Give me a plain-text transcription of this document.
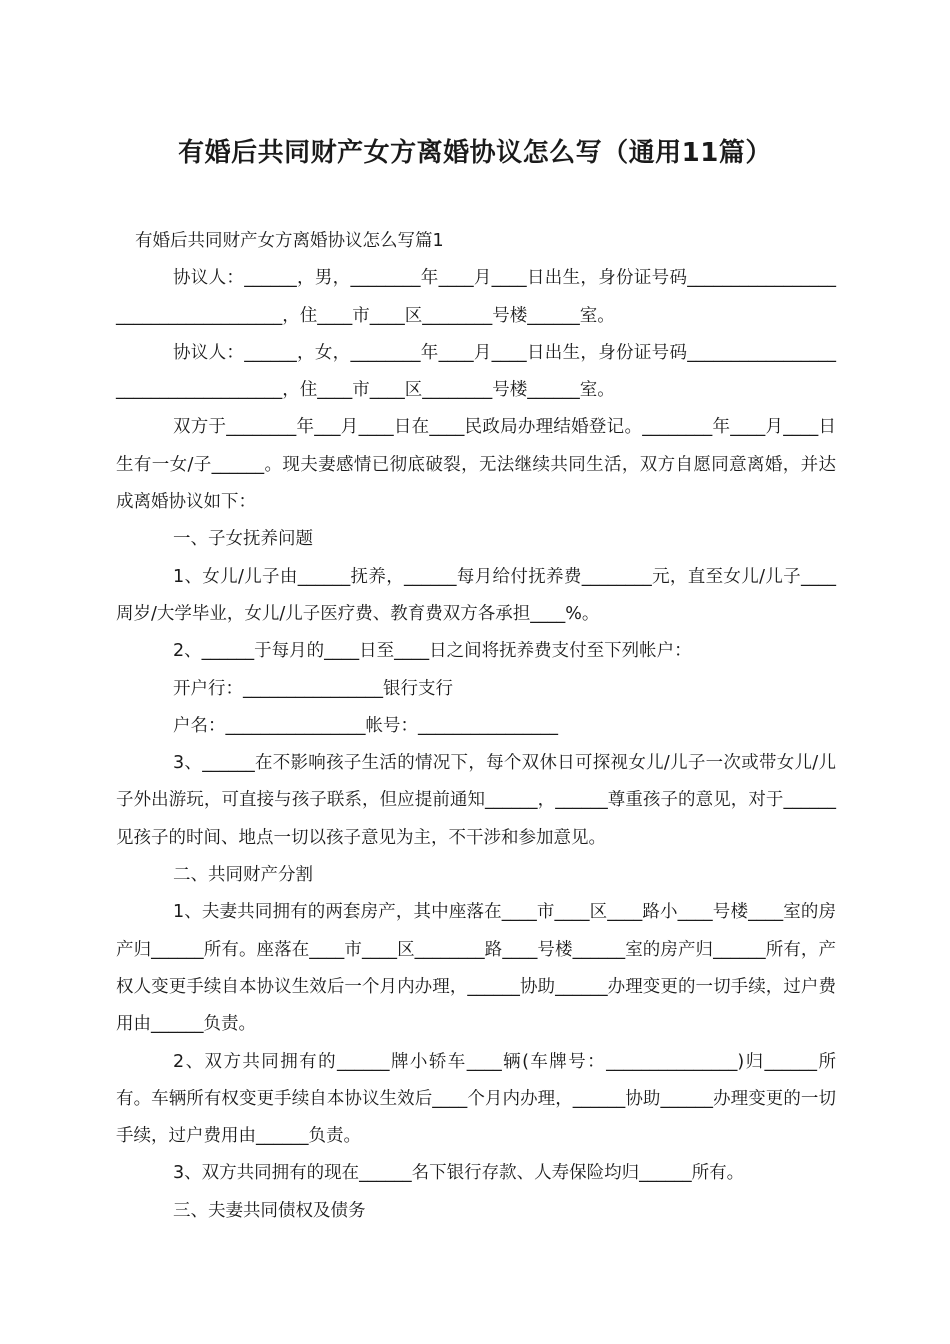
有婚后共同财产女方离婚协议怎么写（通用11篇）

有婚后共同财产女方离婚协议怎么写篇1

协议人：______，男，________年____月____日出生，身份证号码____________________________________，住____市____区________号楼______室。

协议人：______，女，________年____月____日出生，身份证号码____________________________________，住____市____区________号楼______室。

双方于________年___月____日在____民政局办理结婚登记。________年____月____日生有一女/子______。现夫妻感情已彻底破裂，无法继续共同生活，双方自愿同意离婚，并达成离婚协议如下：

一、子女抚养问题

1、女儿/儿子由______抚养，______每月给付抚养费________元，直至女儿/儿子____周岁/大学毕业，女儿/儿子医疗费、教育费双方各承担____%。

2、______于每月的____日至____日之间将抚养费支付至下列帐户：

开户行：________________银行支行

户名：________________帐号：________________

3、______在不影响孩子生活的情况下，每个双休日可探视女儿/儿子一次或带女儿/儿子外出游玩，可直接与孩子联系，但应提前通知______，______尊重孩子的意见，对于______见孩子的时间、地点一切以孩子意见为主，不干涉和参加意见。

二、共同财产分割

1、夫妻共同拥有的两套房产，其中座落在____市____区____路小____号楼____室的房产归______所有。座落在____市____区________路____号楼______室的房产归______所有，产权人变更手续自本协议生效后一个月内办理，______协助______办理变更的一切手续，过户费用由______负责。

2、双方共同拥有的______牌小轿车____辆(车牌号：_______________)归______所有。车辆所有权变更手续自本协议生效后____个月内办理，______协助______办理变更的一切手续，过户费用由______负责。

3、双方共同拥有的现在______名下银行存款、人寿保险均归______所有。

三、夫妻共同债权及债务
